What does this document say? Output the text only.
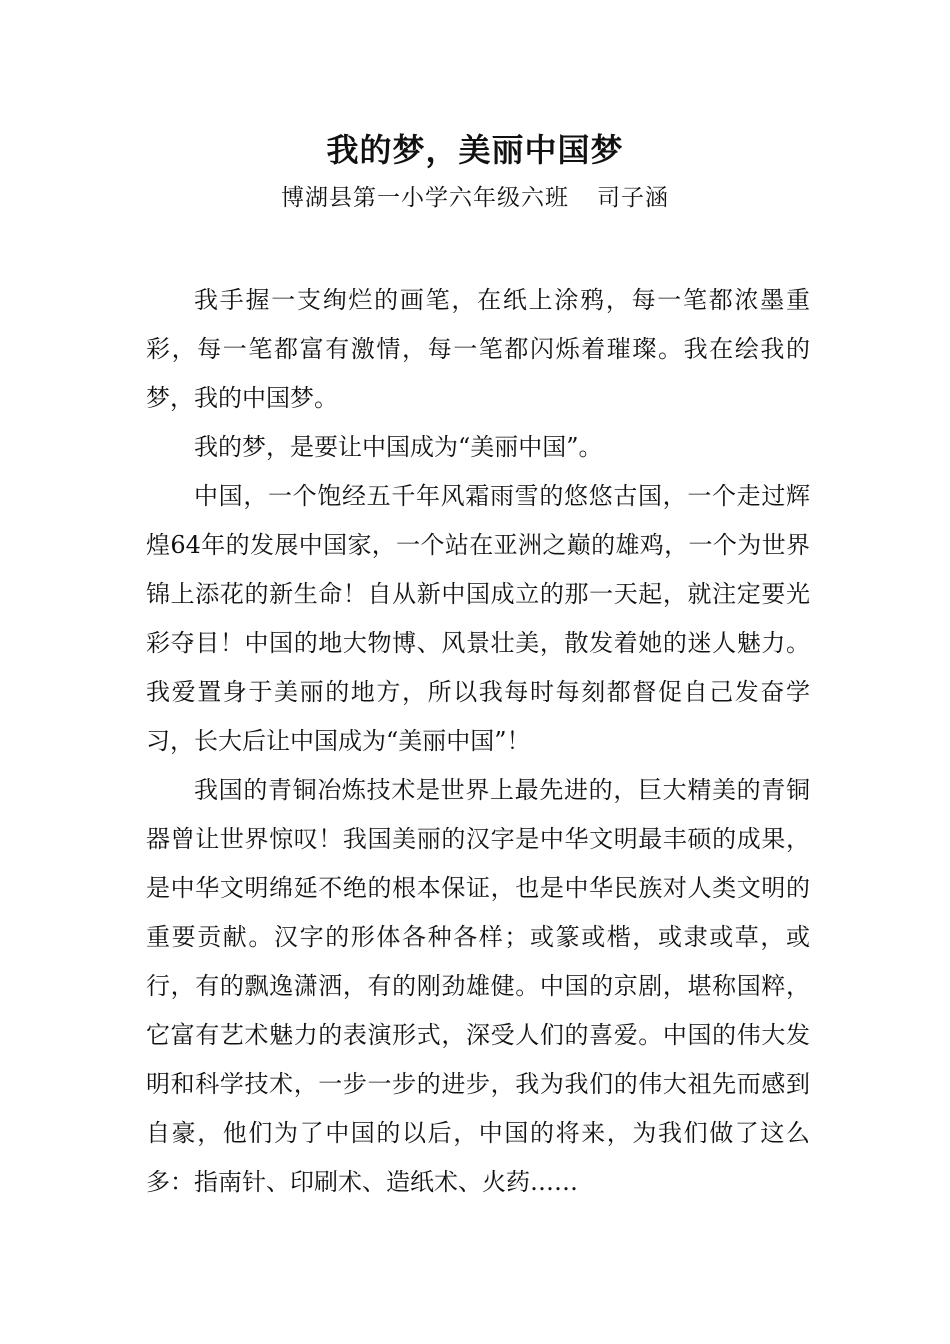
我的梦，美丽中国梦
博湖县第一小学六年级六班 司子涵

我手握一支绚烂的画笔，在纸上涂鸦，每一笔都浓墨重彩，每一笔都富有激情，每一笔都闪烁着璀璨。我在绘我的梦，我的中国梦。

我的梦，是要让中国成为“美丽中国”。

中国，一个饱经五千年风霜雨雪的悠悠古国，一个走过辉煌64年的发展中国家，一个站在亚洲之巅的雄鸡，一个为世界锦上添花的新生命！自从新中国成立的那一天起，就注定要光彩夺目！中国的地大物博、风景壮美，散发着她的迷人魅力。我爱置身于美丽的地方，所以我每时每刻都督促自己发奋学习，长大后让中国成为“美丽中国”！

我国的青铜冶炼技术是世界上最先进的，巨大精美的青铜器曾让世界惊叹！我国美丽的汉字是中华文明最丰硕的成果，是中华文明绵延不绝的根本保证，也是中华民族对人类文明的重要贡献。汉字的形体各种各样；或篆或楷，或隶或草，或行，有的飘逸潇洒，有的刚劲雄健。中国的京剧，堪称国粹，它富有艺术魅力的表演形式，深受人们的喜爱。中国的伟大发明和科学技术，一步一步的进步，我为我们的伟大祖先而感到自豪，他们为了中国的以后，中国的将来，为我们做了这么多：指南针、印刷术、造纸术、火药……
